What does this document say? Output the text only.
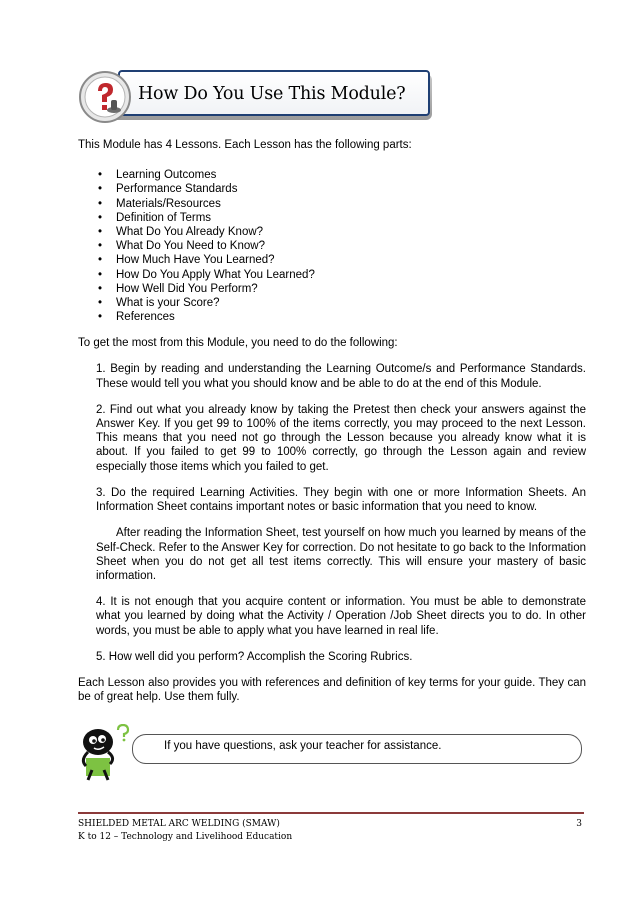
How Do You Use This Module?

This Module has 4 Lessons. Each Lesson has the following parts:

• Learning Outcomes
• Performance Standards
• Materials/Resources
• Definition of Terms
• What Do You Already Know?
• What Do You Need to Know?
• How Much Have You Learned?
• How Do You Apply What You Learned?
• How Well Did You Perform?
• What is your Score?
• References

To get the most from this Module, you need to do the following:

1. Begin by reading and understanding the Learning Outcome/s and Performance Standards. These would tell you what you should know and be able to do at the end of this Module.

2. Find out what you already know by taking the Pretest then check your answers against the Answer Key. If you get 99 to 100% of the items correctly, you may proceed to the next Lesson. This means that you need not go through the Lesson because you already know what it is about. If you failed to get 99 to 100% correctly, go through the Lesson again and review especially those items which you failed to get.

3. Do the required Learning Activities. They begin with one or more Information Sheets. An Information Sheet contains important notes or basic information that you need to know.

After reading the Information Sheet, test yourself on how much you learned by means of the Self-Check. Refer to the Answer Key for correction. Do not hesitate to go back to the Information Sheet when you do not get all test items correctly. This will ensure your mastery of basic information.

4. It is not enough that you acquire content or information. You must be able to demonstrate what you learned by doing what the Activity / Operation /Job Sheet directs you to do. In other words, you must be able to apply what you have learned in real life.

5. How well did you perform? Accomplish the Scoring Rubrics.

Each Lesson also provides you with references and definition of key terms for your guide. They can be of great help. Use them fully.

If you have questions, ask your teacher for assistance.
SHIELDED METAL ARC WELDING (SMAW)
K to 12 – Technology and Livelihood Education
3
